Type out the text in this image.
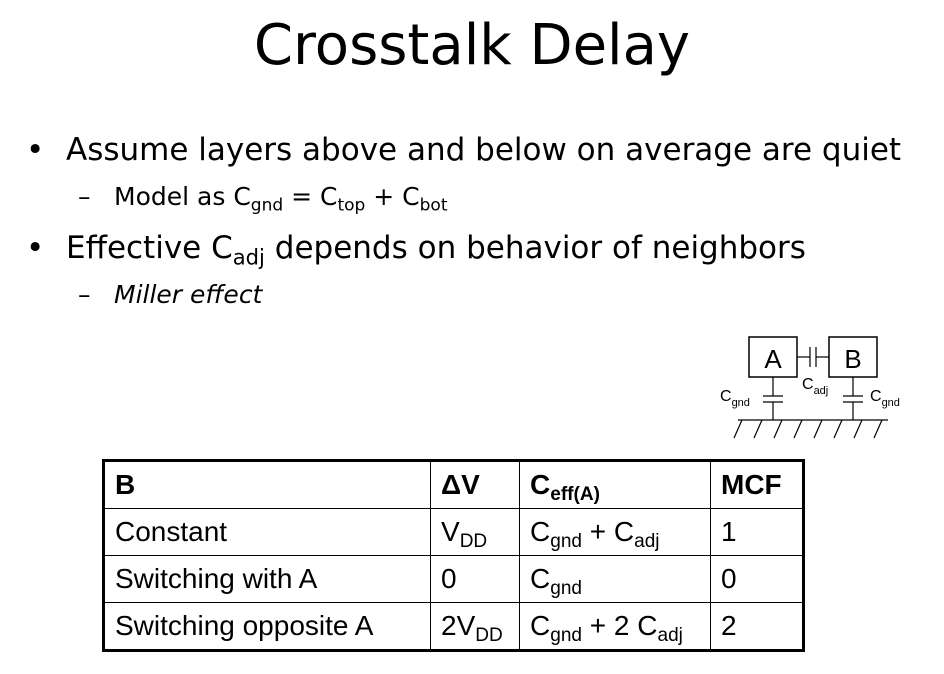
Crosstalk Delay
• Assume layers above and below on average are quiet
– Model as $C_{gnd} = C_{top} + C_{bot}$
• Effective $C_{adj}$ depends on behavior of neighbors
– Miller effect
A B
$C_{adj}$
$C_{gnd}$	$C_{gnd}$
B	ΔV	$C_{eff(A)}$	MCF
Constant	$V_{DD}$	$C_{gnd} + C_{adj}$	1
Switching with A	0	$C_{gnd}$	0
Switching opposite A	$2V_{DD}$	$C_{gnd} + 2$ $C_{adj}$	2
